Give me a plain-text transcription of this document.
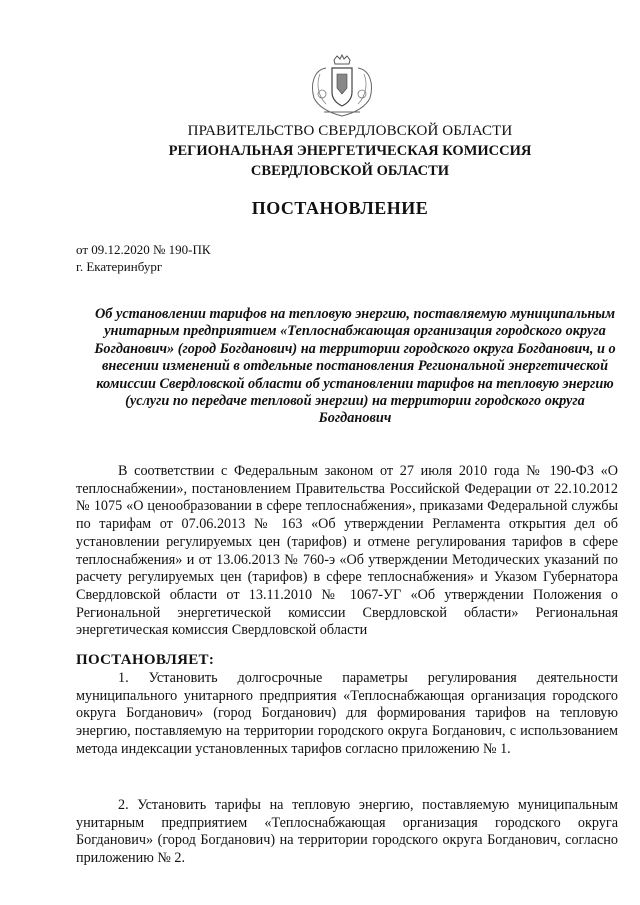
ПРАВИТЕЛЬСТВО СВЕРДЛОВСКОЙ ОБЛАСТИ
РЕГИОНАЛЬНАЯ ЭНЕРГЕТИЧЕСКАЯ КОМИССИЯ
СВЕРДЛОВСКОЙ ОБЛАСТИ
ПОСТАНОВЛЕНИЕ
от 09.12.2020 № 190-ПК
г. Екатеринбург
Об установлении тарифов на тепловую энергию, поставляемую муниципальным унитарным предприятием «Теплоснабжающая организация городского округа Богданович» (город Богданович) на территории городского округа Богданович, и о внесении изменений в отдельные постановления Региональной энергетической комиссии Свердловской области об установлении тарифов на тепловую энергию (услуги по передаче тепловой энергии) на территории городского округа Богданович
В соответствии с Федеральным законом от 27 июля 2010 года № 190-ФЗ «О теплоснабжении», постановлением Правительства Российской Федерации от 22.10.2012 № 1075 «О ценообразовании в сфере теплоснабжения», приказами Федеральной службы по тарифам от 07.06.2013 № 163 «Об утверждении Регламента открытия дел об установлении регулируемых цен (тарифов) и отмене регулирования тарифов в сфере теплоснабжения» и от 13.06.2013 № 760-э «Об утверждении Методических указаний по расчету регулируемых цен (тарифов) в сфере теплоснабжения» и Указом Губернатора Свердловской области от 13.11.2010 № 1067-УГ «Об утверждении Положения о Региональной энергетической комиссии Свердловской области» Региональная энергетическая комиссия Свердловской области
ПОСТАНОВЛЯЕТ:
1. Установить долгосрочные параметры регулирования деятельности муниципального унитарного предприятия «Теплоснабжающая организация городского округа Богданович» (город Богданович) для формирования тарифов на тепловую энергию, поставляемую на территории городского округа Богданович, с использованием метода индексации установленных тарифов согласно приложению № 1.
2. Установить тарифы на тепловую энергию, поставляемую муниципальным унитарным предприятием «Теплоснабжающая организация городского округа Богданович» (город Богданович) на территории городского округа Богданович, согласно приложению № 2.
